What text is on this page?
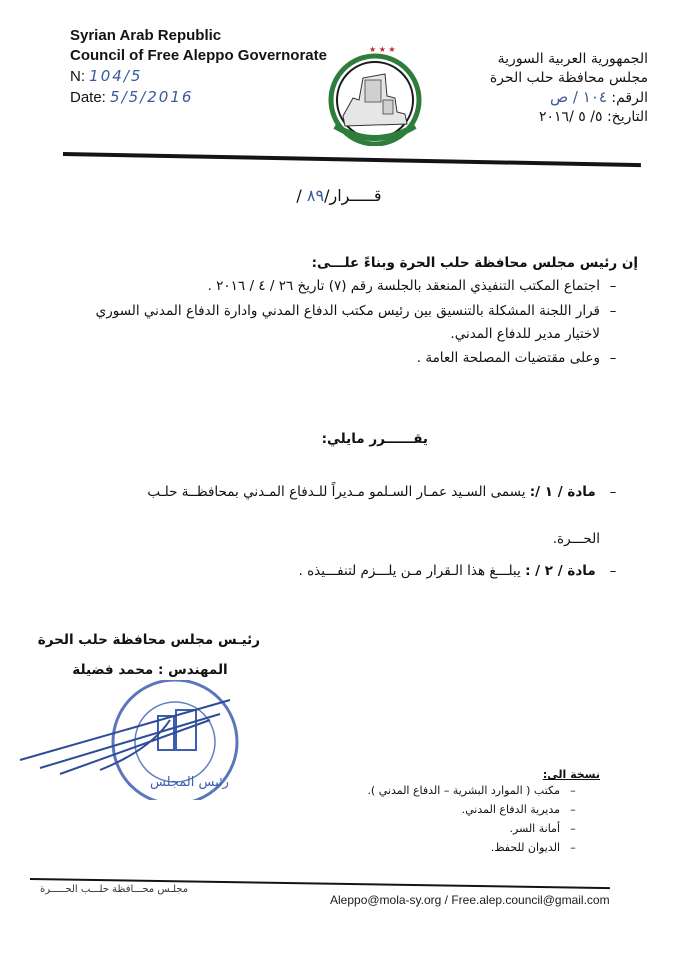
Syrian Arab Republic
Council of Free Aleppo Governorate
N: 104/5
Date: 5/5/2016
الجمهورية العربية السورية
مجلس محافظة حلب الحرة
الرقم: ١٠٤ / ص
التاريخ: ٥/ ٥ /٢٠١٦
★ ★ ★
قـــــرار/٨٩ /
إن رئيس مجلس محافظة حلب الحرة وبناءً علـــى:
– اجتماع المكتب التنفيذي المنعقد بالجلسة رقم (٧) تاريخ ٢٦ / ٤ / ٢٠١٦ .
– قرار اللجنة المشكلة بالتنسيق بين رئيس مكتب الدفاع المدني وادارة الدفاع المدني السوري
لاختيار مدير للدفاع المدني.
– وعلى مقتضيات المصلحة العامة .
يقــــــرر مايلي:
– مادة / ١ /: يسمى السـيد عمـار السـلمو مـديراً للـدفاع المـدني بمحافظــة حلـب
الحـــرة.
– مادة / ٢ / : يبلـــغ هذا الـقرار مـن يلـــزم لتنفـــيذه .
رئيـس مجلس محافظة حلب الحرة
المهندس : محمد فضيلة
رئيس المجلس
نسخة الى:
– مكتب ( الموارد البشرية – الدفاع المدني ).
– مديرية الدفاع المدني.
– أمانة السر.
– الديوان للحفظ.
مجلـس محـــافظة حلـــب الحـــــرة
Aleppo@mola-sy.org / Free.alep.council@gmail.com
